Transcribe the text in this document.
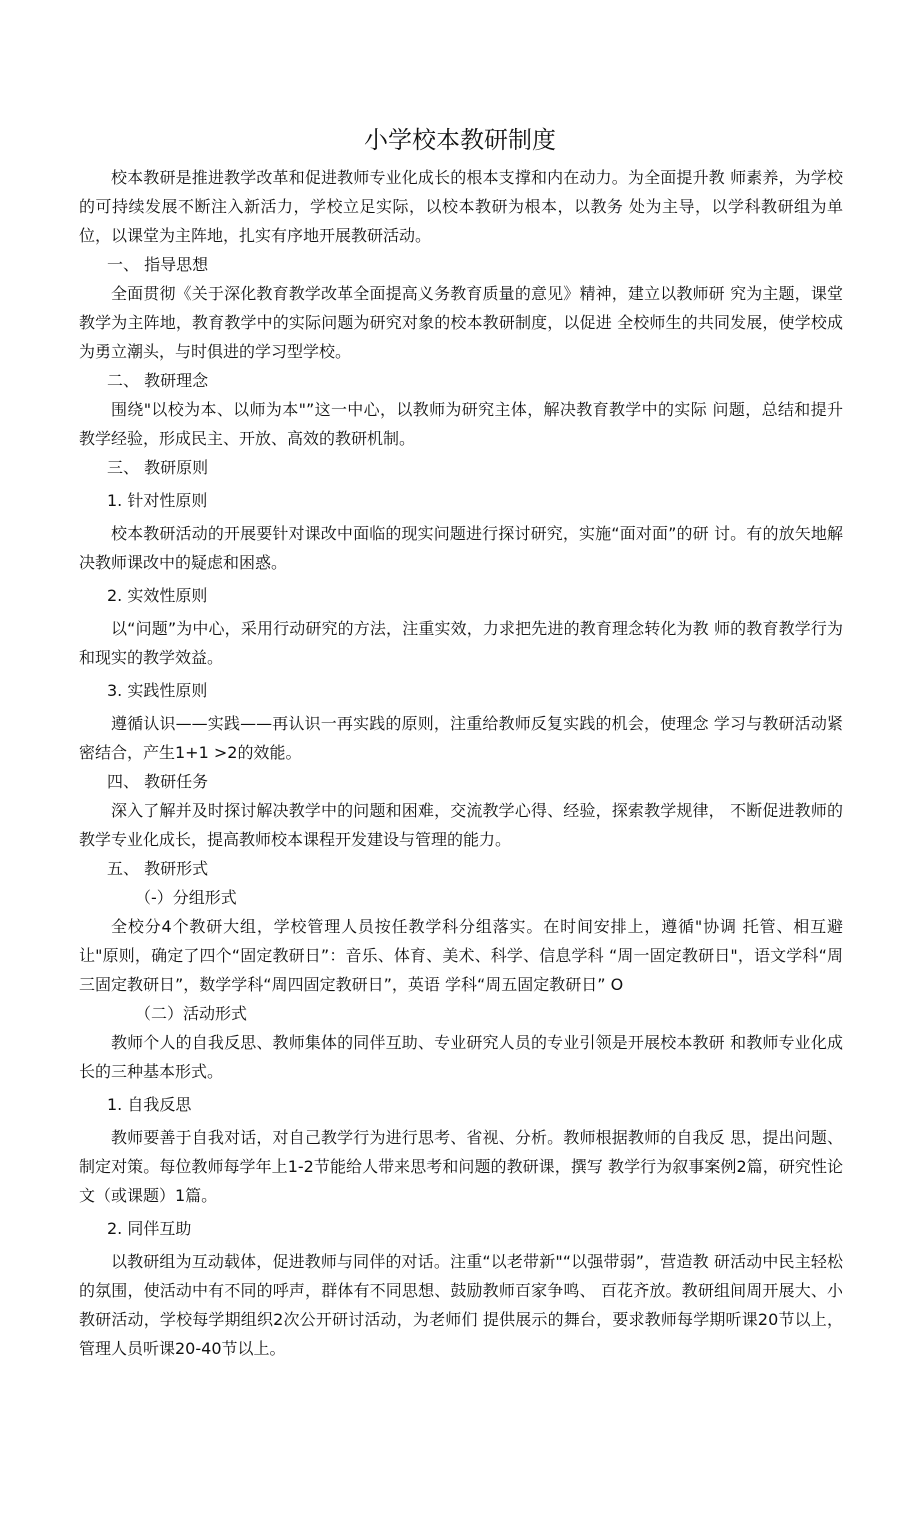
小学校本教研制度

校本教研是推进教学改革和促进教师专业化成长的根本支撑和内在动力。为全面提升教 师素养，为学校的可持续发展不断注入新活力，学校立足实际，以校本教研为根本，以教务 处为主导，以学科教研组为单位，以课堂为主阵地，扎实有序地开展教研活动。

一、 指导思想

全面贯彻《关于深化教育教学改革全面提高义务教育质量的意见》精神，建立以教师研 究为主题，课堂教学为主阵地，教育教学中的实际问题为研究对象的校本教研制度，以促进 全校师生的共同发展，使学校成为勇立潮头，与时俱进的学习型学校。

二、 教研理念

围绕"以校为本、以师为本"”这一中心，以教师为研究主体，解决教育教学中的实际 问题，总结和提升教学经验，形成民主、开放、高效的教研机制。

三、 教研原则

1. 针对性原则

校本教研活动的开展要针对课改中面临的现实问题进行探讨研究，实施“面对面”的研 讨。有的放矢地解决教师课改中的疑虑和困惑。

2. 实效性原则

以“问题”为中心，采用行动研究的方法，注重实效，力求把先进的教育理念转化为教 师的教育教学行为和现实的教学效益。

3. 实践性原则

遵循认识——实践——再认识一再实践的原则，注重给教师反复实践的机会，使理念 学习与教研活动紧密结合，产生1+1 >2的效能。

四、 教研任务

深入了解并及时探讨解决教学中的问题和困难，交流教学心得、经验，探索教学规律， 不断促进教师的教学专业化成长，提高教师校本课程开发建设与管理的能力。

五、 教研形式

（-）分组形式

全校分4个教研大组，学校管理人员按任教学科分组落实。在时间安排上，遵循"协调 托管、相互避让"原则，确定了四个“固定教研日”：音乐、体育、美术、科学、信息学科 “周一固定教研日"，语文学科“周三固定教研日”，数学学科“周四固定教研日”，英语 学科“周五固定教研日” O

（二）活动形式

教师个人的自我反思、教师集体的同伴互助、专业研究人员的专业引领是开展校本教研 和教师专业化成长的三种基本形式。

1. 自我反思

教师要善于自我对话，对自己教学行为进行思考、省视、分析。教师根据教师的自我反 思，提出问题、制定对策。每位教师每学年上1-2节能给人带来思考和问题的教研课，撰写 教学行为叙事案例2篇，研究性论文（或课题）1篇。

2. 同伴互助

以教研组为互动载体，促进教师与同伴的对话。注重“以老带新"“以强带弱”，营造教 研活动中民主轻松的氛围，使活动中有不同的呼声，群体有不同思想、鼓励教师百家争鸣、 百花齐放。教研组间周开展大、小教研活动，学校每学期组织2次公开研讨活动，为老师们 提供展示的舞台，要求教师每学期听课20节以上，管理人员听课20-40节以上。
